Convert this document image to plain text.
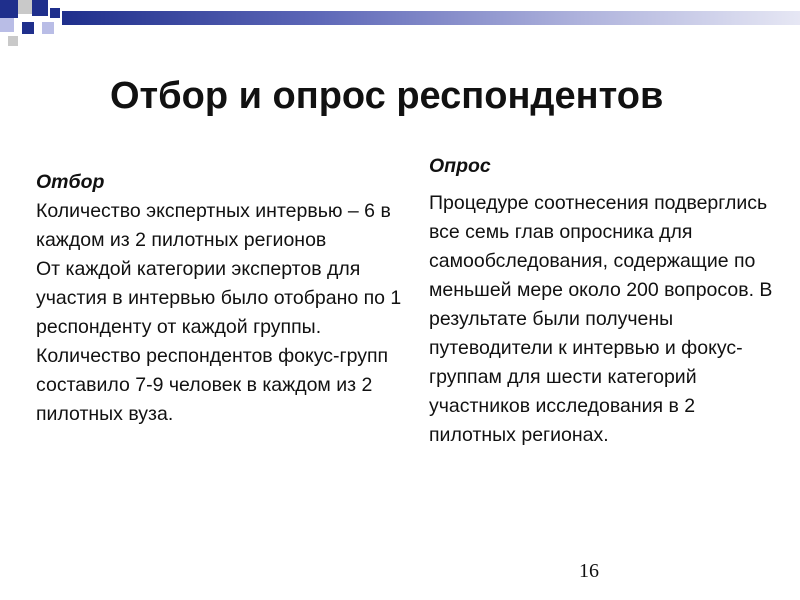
Отбор и опрос респондентов
Отбор
Количество экспертных интервью – 6 в каждом из 2 пилотных регионов
От каждой категории экспертов для участия в интервью было отобрано по 1 респонденту от каждой группы.
Количество респондентов фокус-групп составило 7-9 человек в каждом из 2 пилотных вуза.
Опрос
Процедуре соотнесения подверглись все семь глав опросника для самообследования, содержащие по меньшей мере около 200 вопросов. В результате были получены путеводители к интервью и фокус-группам для шести категорий участников исследования в 2 пилотных регионах.
16
